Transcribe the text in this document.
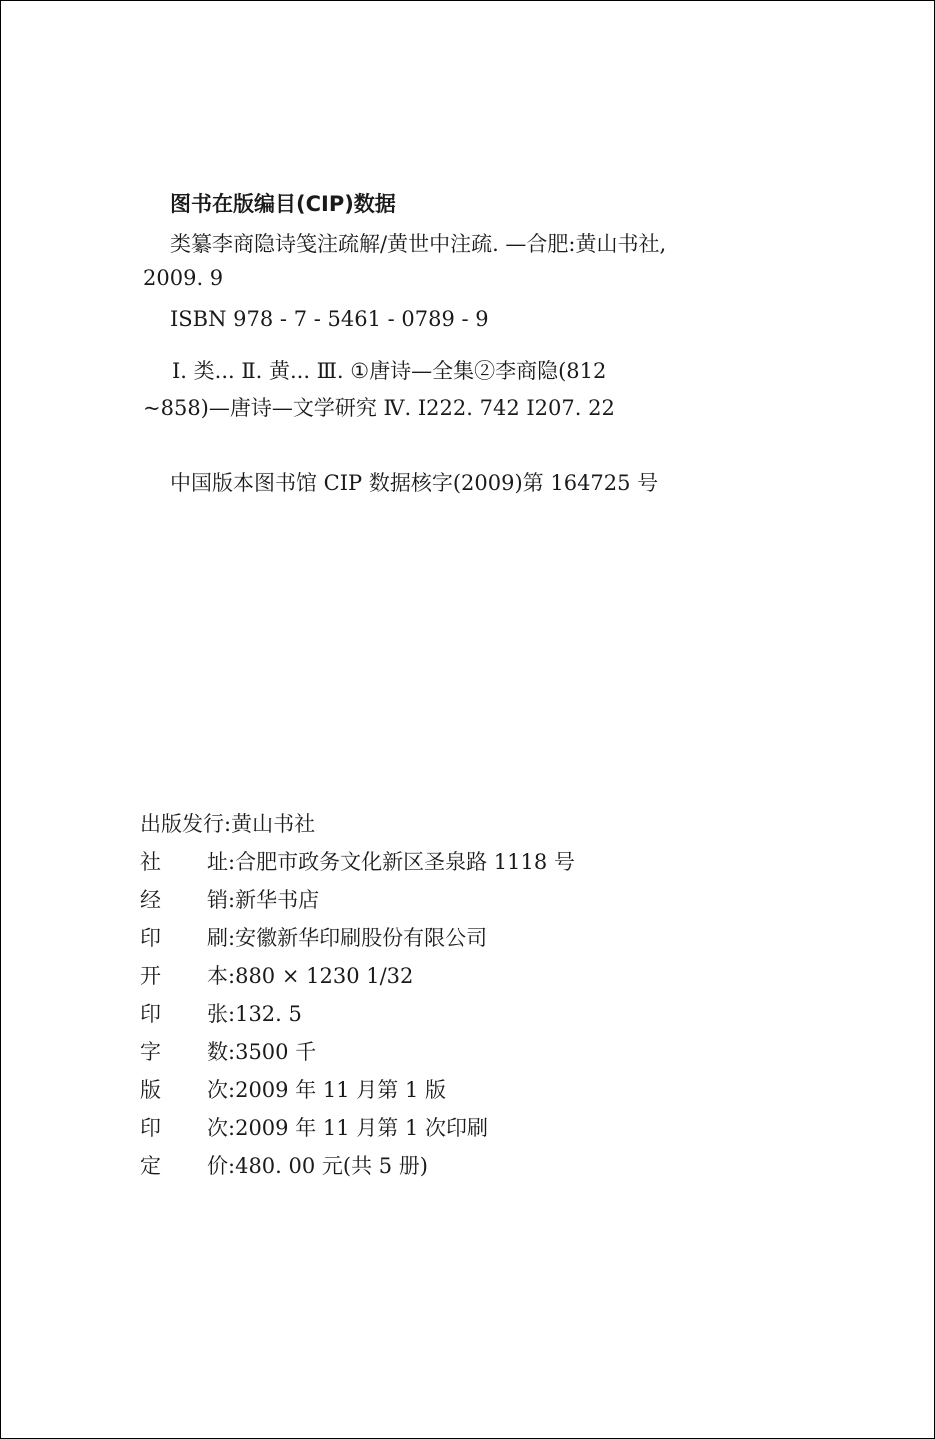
图书在版编目(CIP)数据
类纂李商隐诗笺注疏解/黄世中注疏. —合肥:黄山书社,
2009. 9
ISBN 978 - 7 - 5461 - 0789 - 9
Ⅰ. 类... Ⅱ. 黄... Ⅲ. ①唐诗—全集②李商隐(812
~858)—唐诗—文学研究 Ⅳ. I222. 742 I207. 22
中国版本图书馆 CIP 数据核字(2009)第 164725 号
出版发行 : 黄山书社
社 址 : 合肥市政务文化新区圣泉路 1118 号
经 销 : 新华书店
印 刷 : 安徽新华印刷股份有限公司
开 本 : 880 × 1230 1/32
印 张 : 132. 5
字 数 : 3500 千
版 次 : 2009 年 11 月第 1 版
印 次 : 2009 年 11 月第 1 次印刷
定 价 : 480. 00 元(共 5 册)
